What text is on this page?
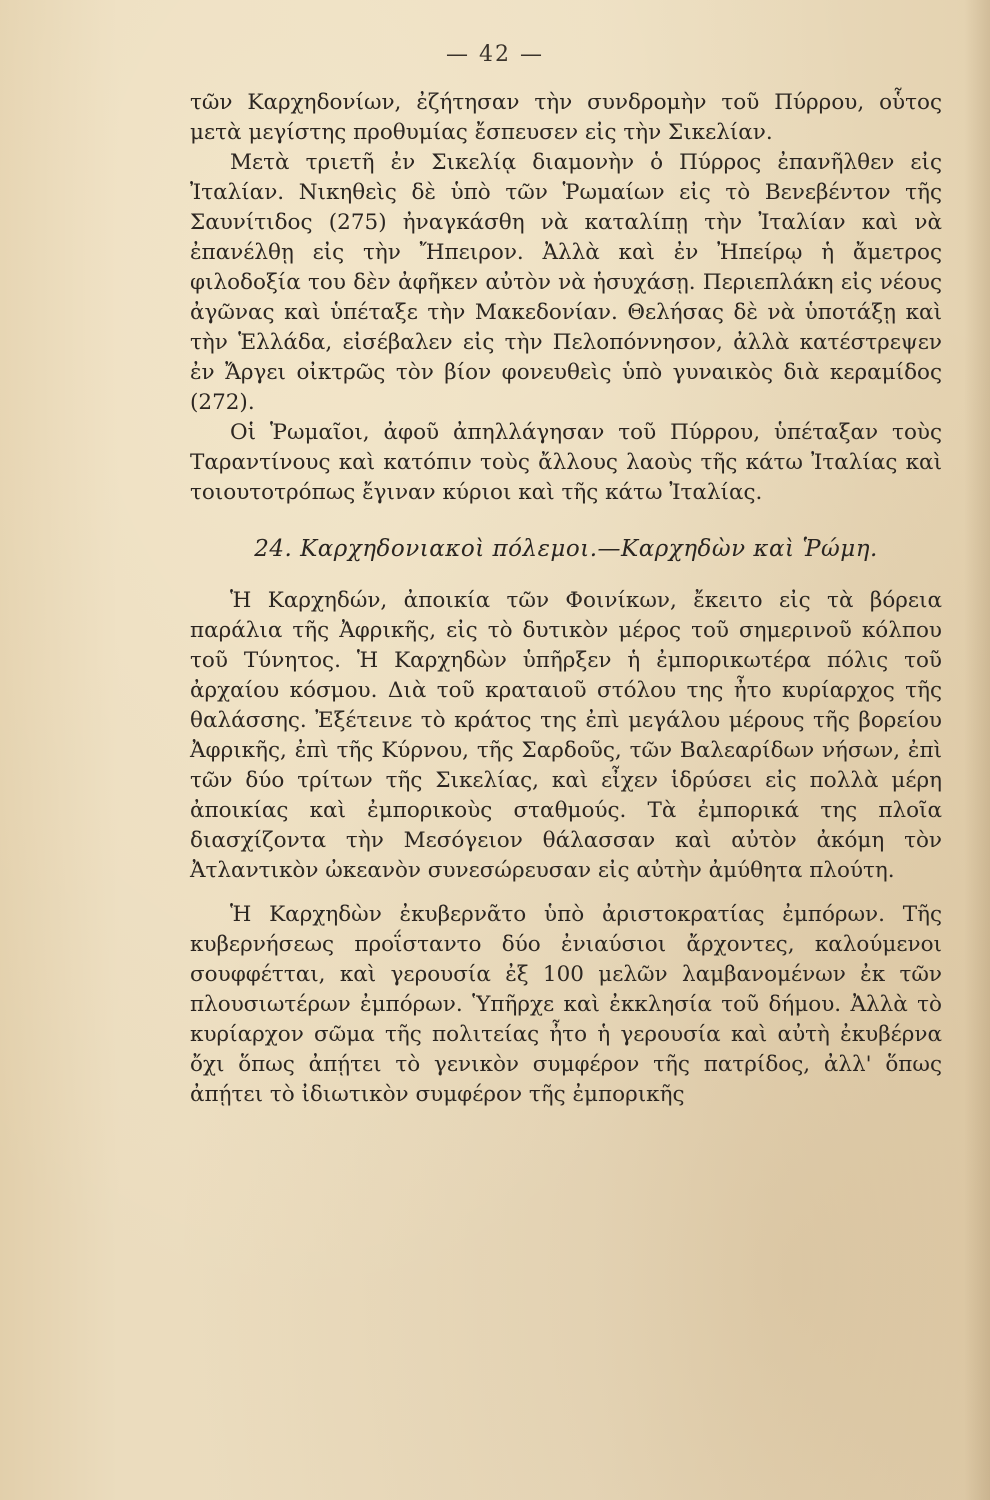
— 42 —

τῶν Καρχηδονίων, ἐζήτησαν τὴν συνδρομὴν τοῦ Πύρρου, οὗτος μετὰ μεγίστης προθυμίας ἔσπευσεν εἰς τὴν Σικελίαν.

Μετὰ τριετῆ ἐν Σικελίᾳ διαμονὴν ὁ Πύρρος ἐπανῆλθεν εἰς Ἰταλίαν. Νικηθεὶς δὲ ὑπὸ τῶν Ῥωμαίων εἰς τὸ Βενεβέντον τῆς Σαυνίτιδος (275) ἠναγκάσθη νὰ καταλίπῃ τὴν Ἰταλίαν καὶ νὰ ἐπανέλθῃ εἰς τὴν Ἤπειρον. Ἀλλὰ καὶ ἐν Ἠπείρῳ ἡ ἄμετρος φιλοδοξία του δὲν ἀφῆκεν αὐτὸν νὰ ἡσυχάσῃ. Περιεπλάκη εἰς νέους ἀγῶνας καὶ ὑπέταξε τὴν Μακεδονίαν. Θελήσας δὲ νὰ ὑποτάξῃ καὶ τὴν Ἑλλάδα, εἰσέβαλεν εἰς τὴν Πελοπόννησον, ἀλλὰ κατέστρεψεν ἐν Ἄργει οἰκτρῶς τὸν βίον φονευθεὶς ὑπὸ γυναικὸς διὰ κεραμίδος (272).

Οἱ Ῥωμαῖοι, ἀφοῦ ἀπηλλάγησαν τοῦ Πύρρου, ὑπέταξαν τοὺς Ταραντίνους καὶ κατόπιν τοὺς ἄλλους λαοὺς τῆς κάτω Ἰταλίας καὶ τοιουτοτρόπως ἔγιναν κύριοι καὶ τῆς κάτω Ἰταλίας.

24. Καρχηδονιακοὶ πόλεμοι.—Καρχηδὼν καὶ Ῥώμη.

Ἡ Καρχηδών, ἀποικία τῶν Φοινίκων, ἔκειτο εἰς τὰ βόρεια παράλια τῆς Ἀφρικῆς, εἰς τὸ δυτικὸν μέρος τοῦ σημερινοῦ κόλπου τοῦ Τύνητος. Ἡ Καρχηδὼν ὑπῆρξεν ἡ ἐμπορικωτέρα πόλις τοῦ ἀρχαίου κόσμου. Διὰ τοῦ κραταιοῦ στόλου της ἦτο κυρίαρχος τῆς θαλάσσης. Ἐξέτεινε τὸ κράτος της ἐπὶ μεγάλου μέρους τῆς βορείου Ἀφρικῆς, ἐπὶ τῆς Κύρνου, τῆς Σαρδοῦς, τῶν Βαλεαρίδων νήσων, ἐπὶ τῶν δύο τρίτων τῆς Σικελίας, καὶ εἶχεν ἱδρύσει εἰς πολλὰ μέρη ἀποικίας καὶ ἐμπορικοὺς σταθμούς. Τὰ ἐμπορικά της πλοῖα διασχίζοντα τὴν Μεσόγειον θάλασσαν καὶ αὐτὸν ἀκόμη τὸν Ἀτλαντικὸν ὠκεανὸν συνεσώρευσαν εἰς αὐτὴν ἀμύθητα πλούτη.

Ἡ Καρχηδὼν ἐκυβερνᾶτο ὑπὸ ἀριστοκρατίας ἐμπόρων. Τῆς κυβερνήσεως προΐσταντο δύο ἐνιαύσιοι ἄρχοντες, καλούμενοι σουφφέτται, καὶ γερουσία ἐξ 100 μελῶν λαμβανομένων ἐκ τῶν πλουσιωτέρων ἐμπόρων. Ὑπῆρχε καὶ ἐκκλησία τοῦ δήμου. Ἀλλὰ τὸ κυρίαρχον σῶμα τῆς πολιτείας ἦτο ἡ γερουσία καὶ αὐτὴ ἐκυβέρνα ὄχι ὅπως ἀπῄτει τὸ γενικὸν συμφέρον τῆς πατρίδος, ἀλλ' ὅπως ἀπῄτει τὸ ἰδιωτικὸν συμφέρον τῆς ἐμπορικῆς
